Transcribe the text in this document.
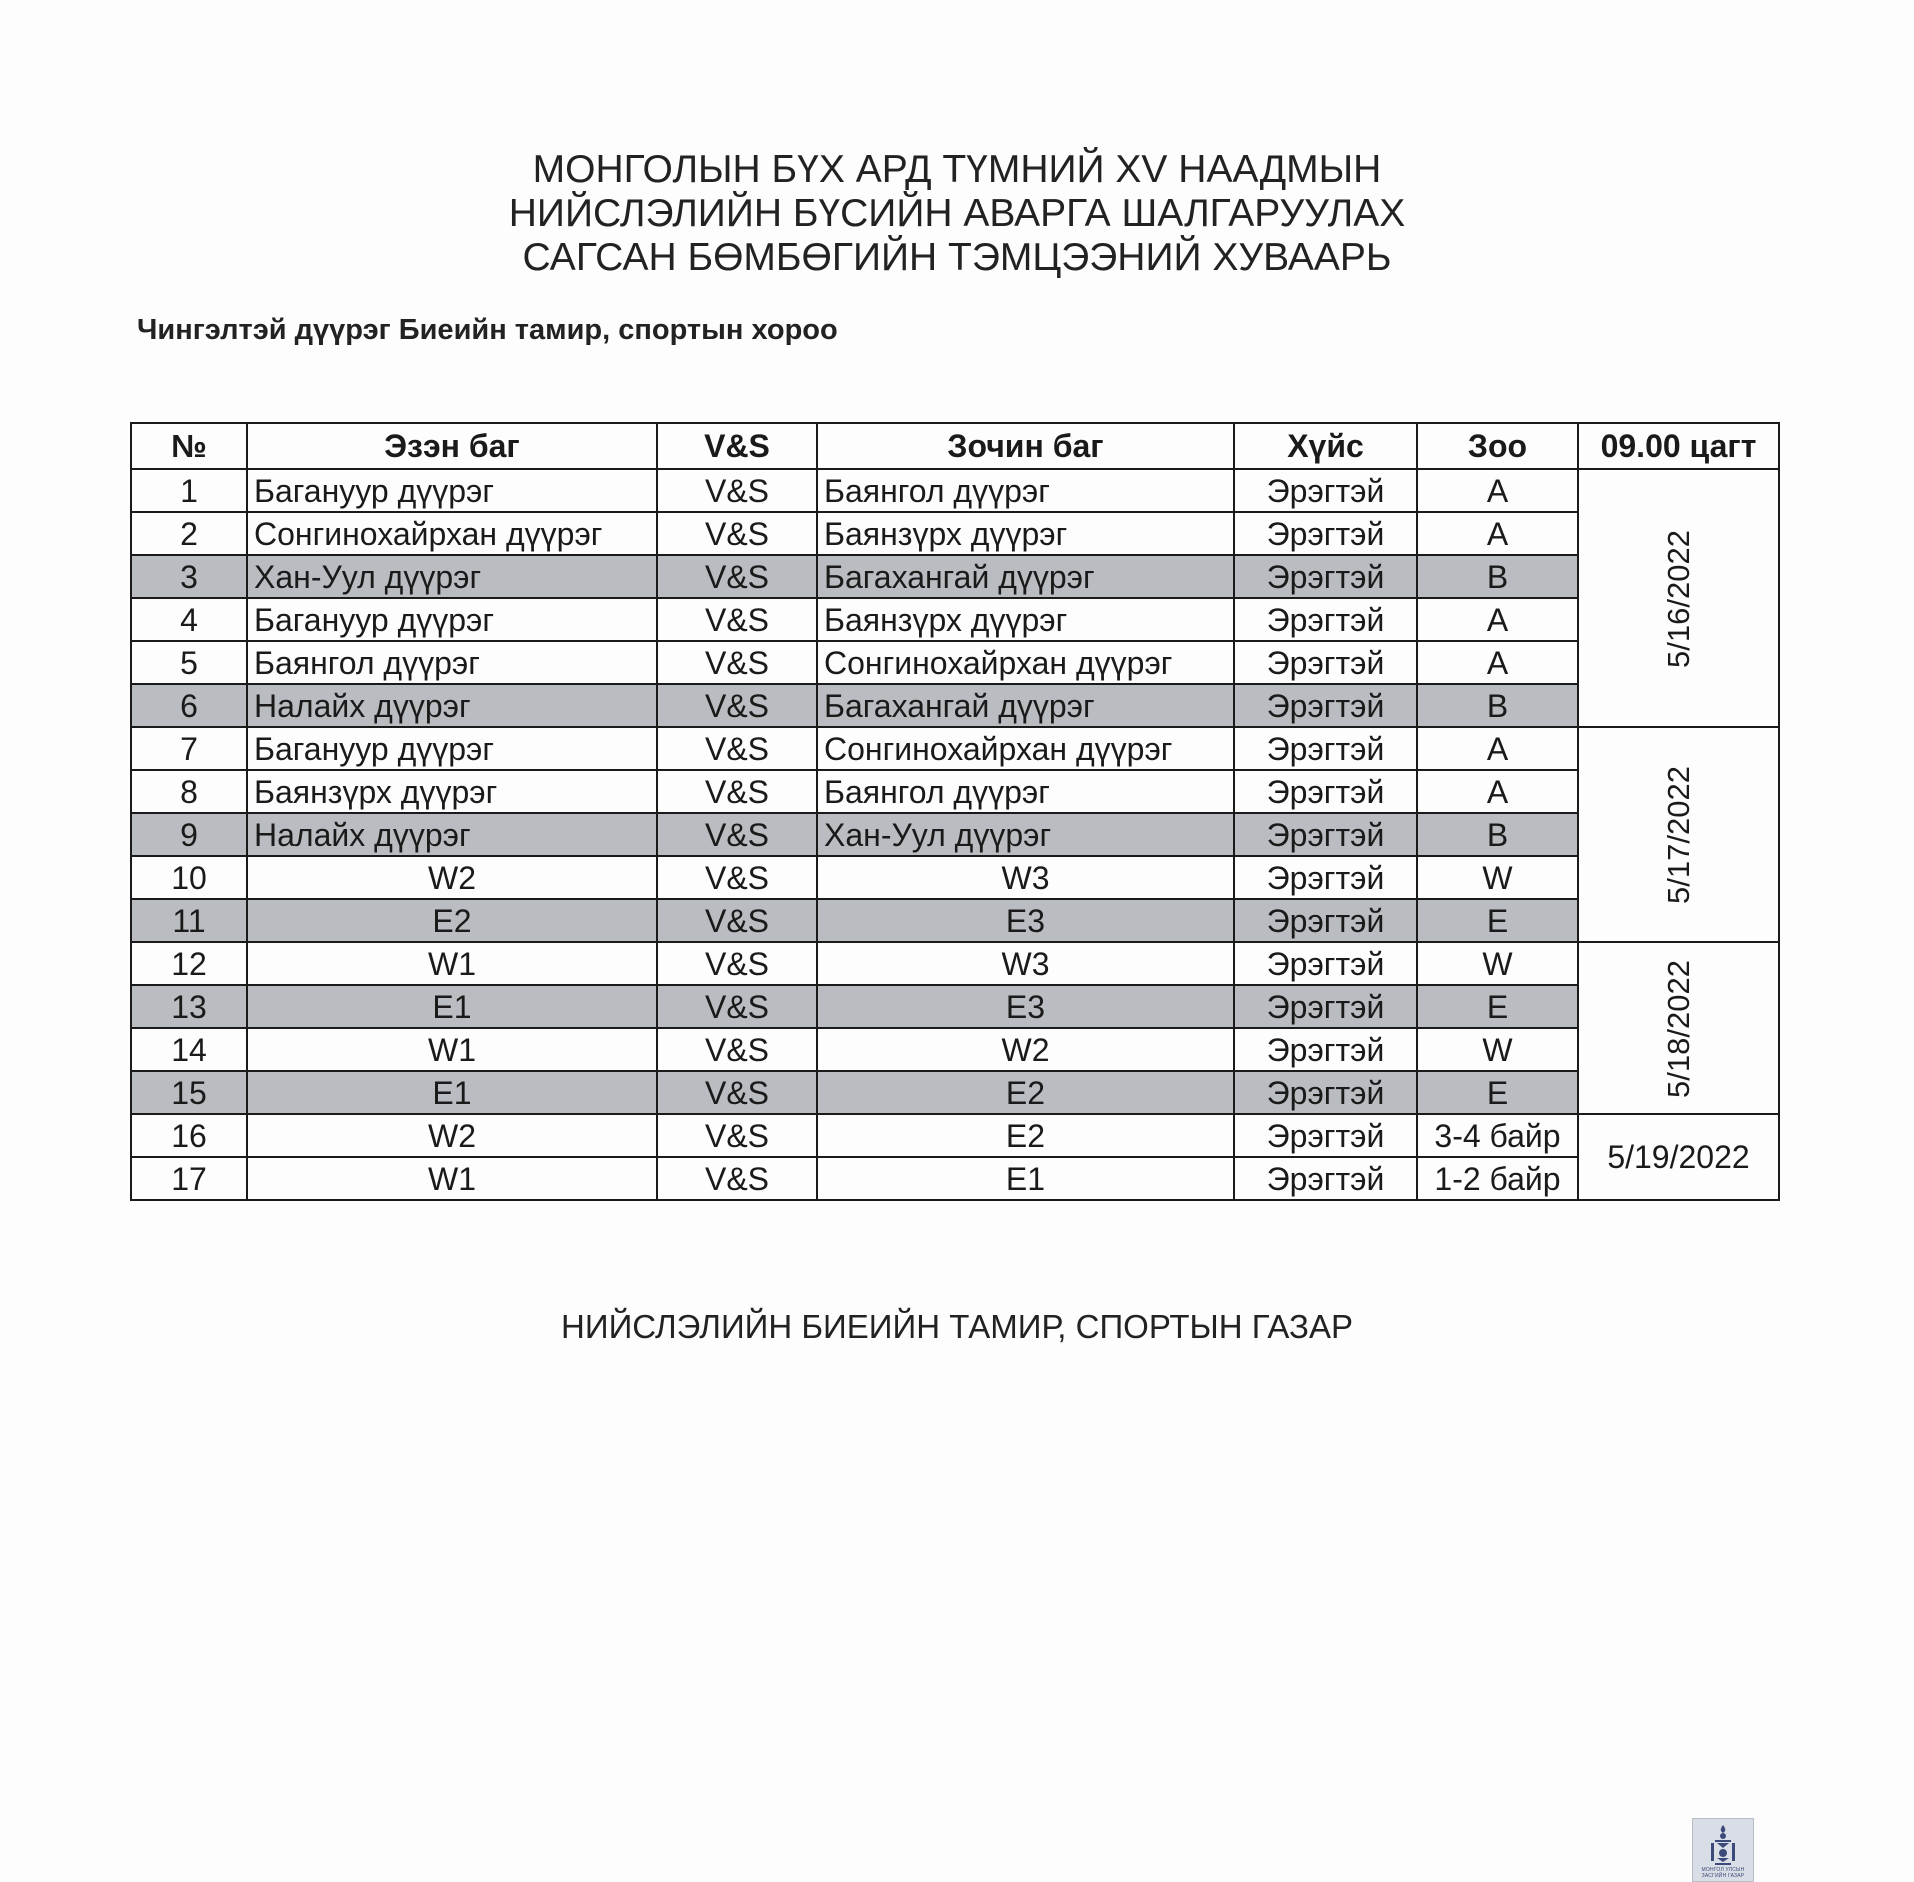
МОНГОЛЫН БҮХ АРД ТҮМНИЙ XV НААДМЫН
НИЙСЛЭЛИЙН БҮСИЙН АВАРГА ШАЛГАРУУЛАХ
САГСАН БӨМБӨГИЙН ТЭМЦЭЭНИЙ ХУВААРЬ
Чингэлтэй дүүрэг Биеийн тамир, спортын хороо
№	Эзэн баг	V&S	Зочин баг	Хүйс	Зоо	09.00 цагт
1	Багануур дүүрэг	V&S	Баянгол дүүрэг	Эрэгтэй	A	5/16/2022
2	Сонгинохайрхан дүүрэг	V&S	Баянзүрх дүүрэг	Эрэгтэй	A	
3	Хан-Уул дүүрэг	V&S	Багахангай дүүрэг	Эрэгтэй	B	
4	Багануур дүүрэг	V&S	Баянзүрх дүүрэг	Эрэгтэй	A	
5	Баянгол дүүрэг	V&S	Сонгинохайрхан дүүрэг	Эрэгтэй	A	
6	Налайх дүүрэг	V&S	Багахангай дүүрэг	Эрэгтэй	B	
7	Багануур дүүрэг	V&S	Сонгинохайрхан дүүрэг	Эрэгтэй	A	5/17/2022
8	Баянзүрх дүүрэг	V&S	Баянгол дүүрэг	Эрэгтэй	A	
9	Налайх дүүрэг	V&S	Хан-Уул дүүрэг	Эрэгтэй	B	
10	W2	V&S	W3	Эрэгтэй	W	
11	E2	V&S	E3	Эрэгтэй	E	
12	W1	V&S	W3	Эрэгтэй	W	5/18/2022
13	E1	V&S	E3	Эрэгтэй	E	
14	W1	V&S	W2	Эрэгтэй	W	
15	E1	V&S	E2	Эрэгтэй	E	
16	W2	V&S	E2	Эрэгтэй	3-4 байр	5/19/2022
17	W1	V&S	E1	Эрэгтэй	1-2 байр	
НИЙСЛЭЛИЙН БИЕИЙН ТАМИР, СПОРТЫН ГАЗАР
МОНГОЛ УЛСЫН
ЗАСГИЙН ГАЗАР
